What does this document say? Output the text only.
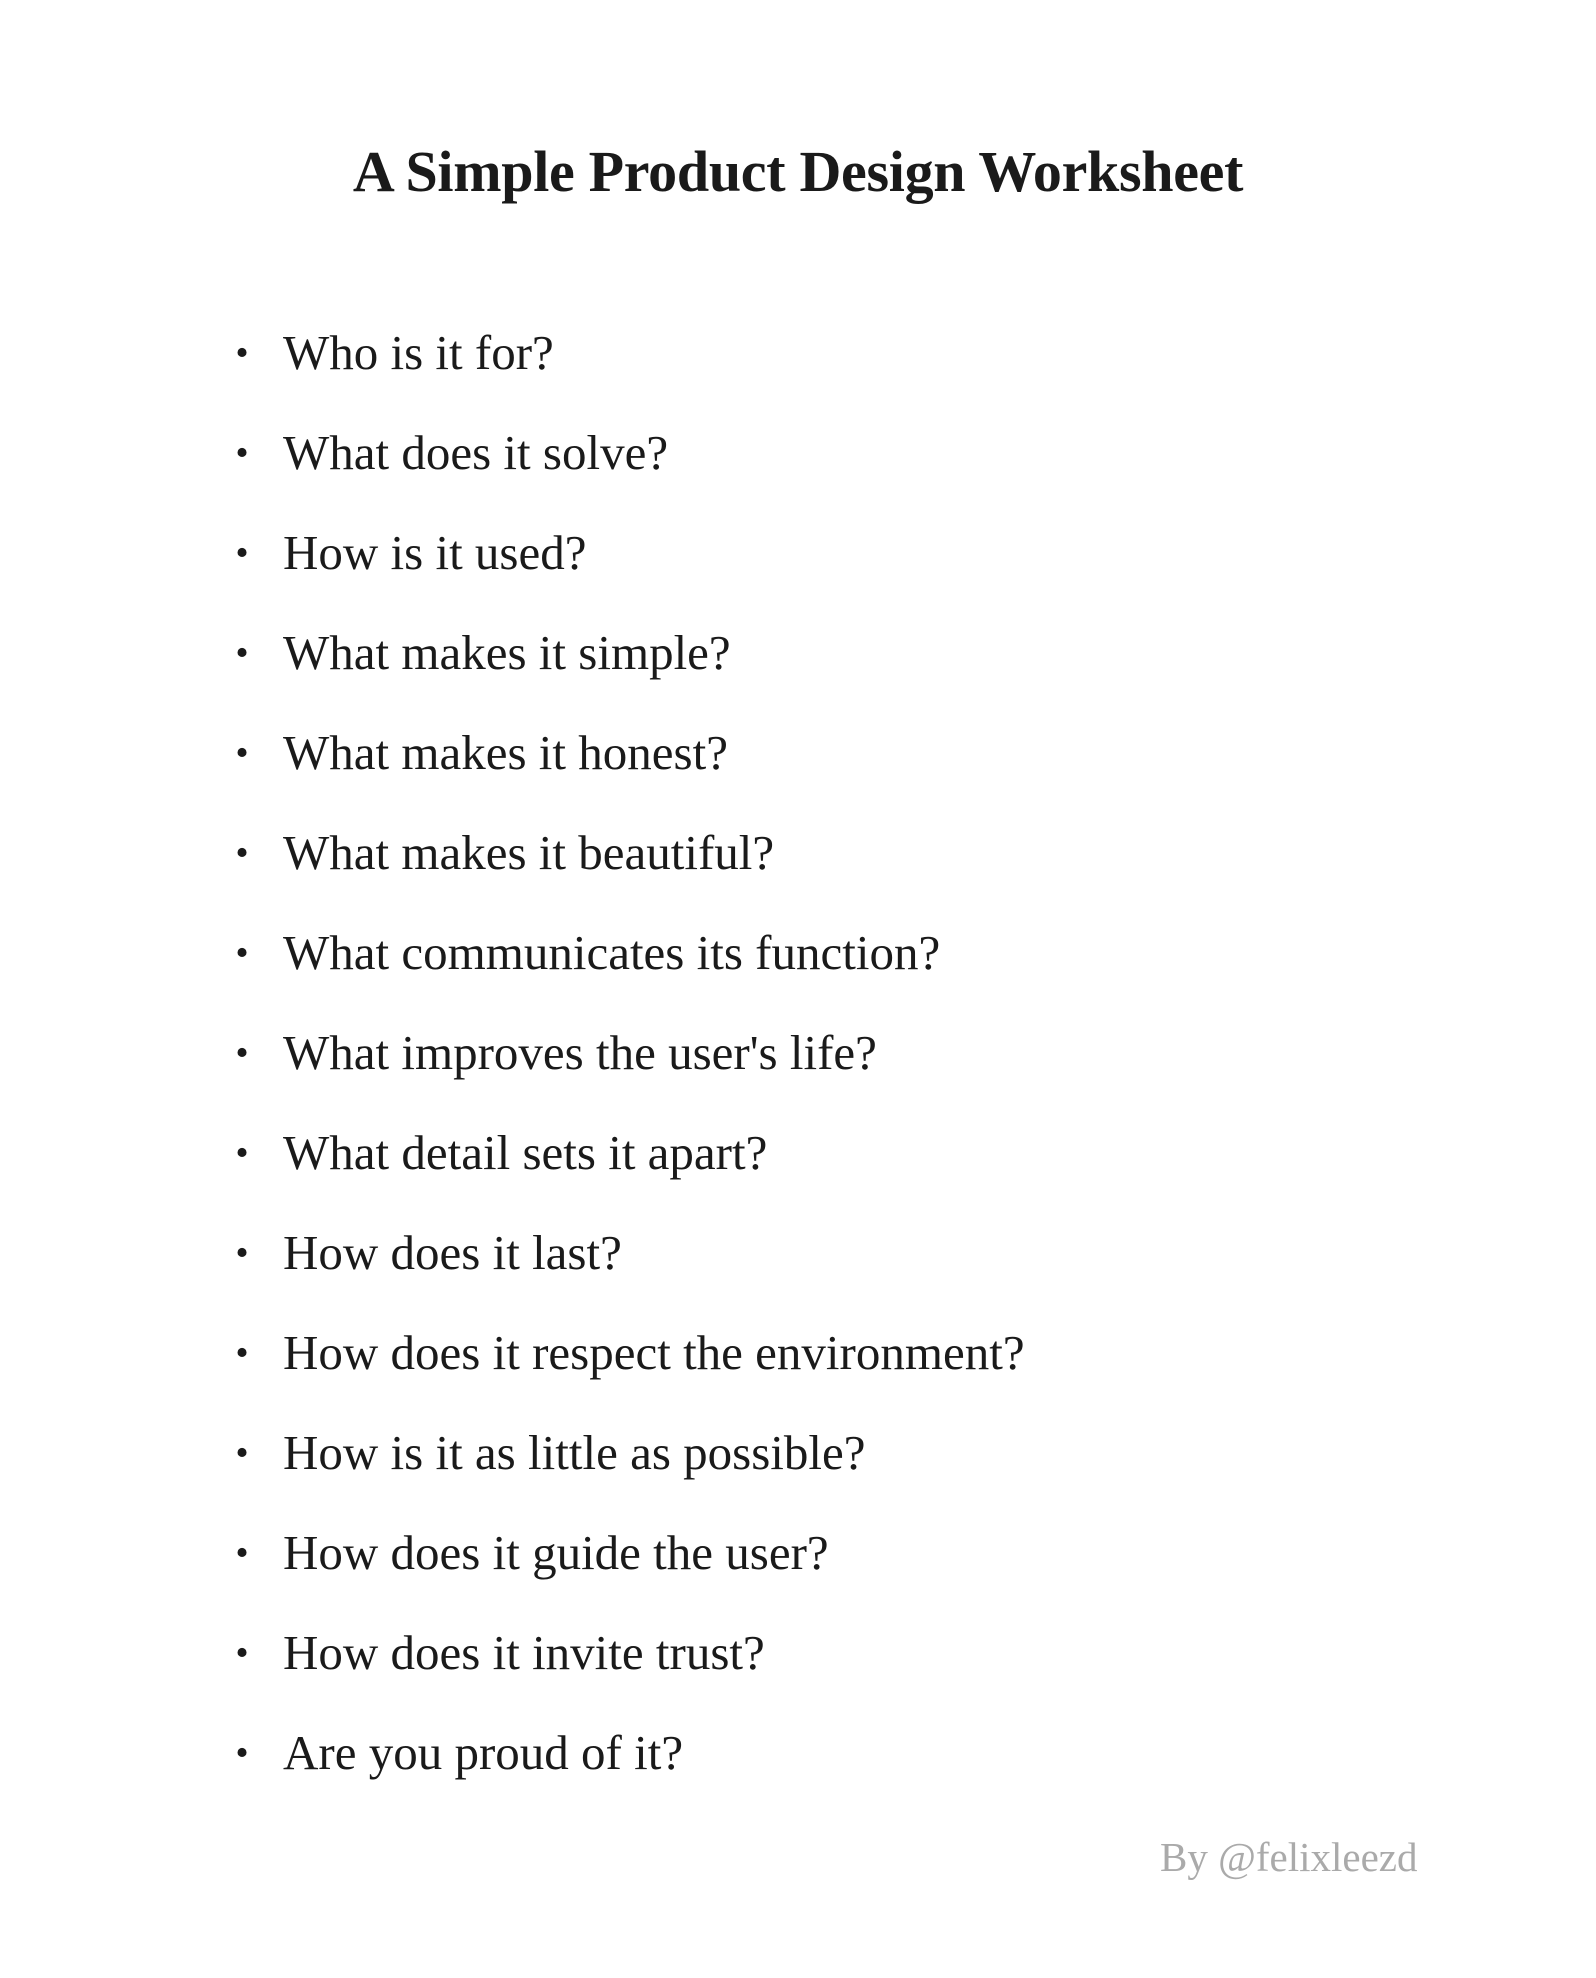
A Simple Product Design Worksheet
• Who is it for?
• What does it solve?
• How is it used?
• What makes it simple?
• What makes it honest?
• What makes it beautiful?
• What communicates its function?
• What improves the user's life?
• What detail sets it apart?
• How does it last?
• How does it respect the environment?
• How is it as little as possible?
• How does it guide the user?
• How does it invite trust?
• Are you proud of it?
By @felixleezd
